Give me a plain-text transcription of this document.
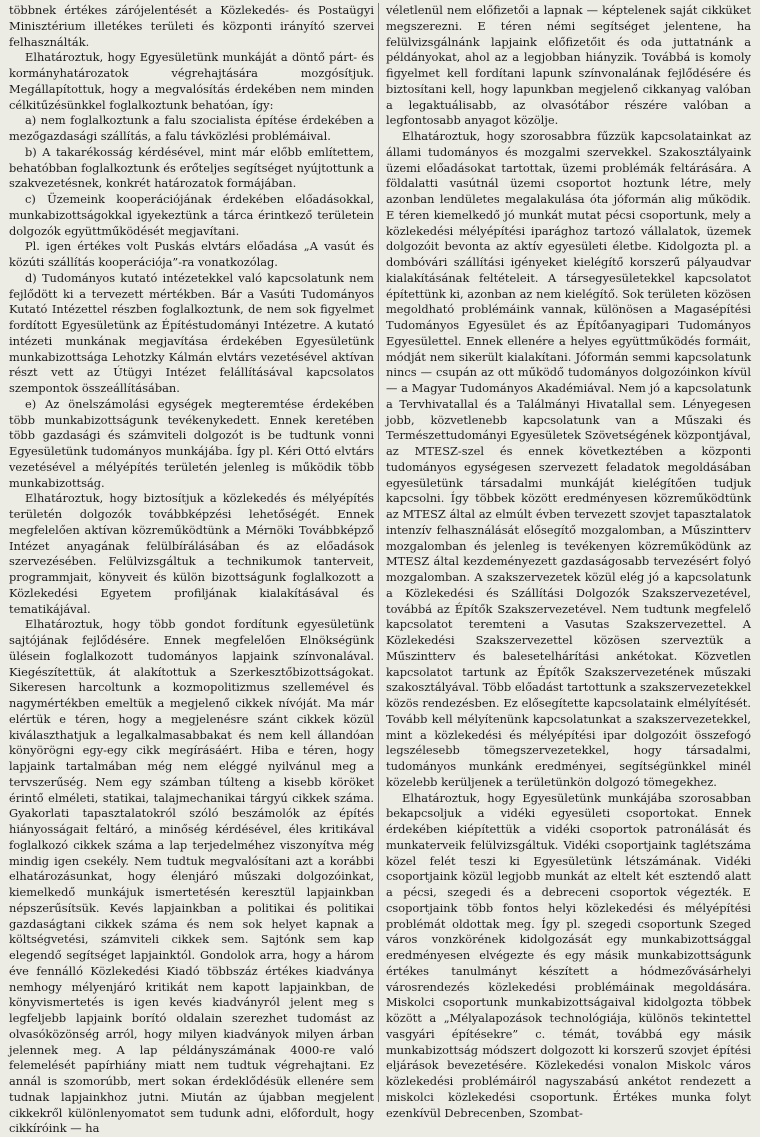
többnek értékes zárójelentését a Közlekedés- és Postaügyi Minisztérium illetékes területi és központi irányító szervei felhasználták.

Elhatároztuk, hogy Egyesületünk munkáját a döntő párt- és kormányhatározatok végrehajtására mozgósítjuk. Megállapítottuk, hogy a megvalósítás érdekében nem minden célkitűzésünkkel foglalkoztunk behatóan, így:

a) nem foglalkoztunk a falu szocialista építése érdekében a mezőgazdasági szállítás, a falu távközlési problémáival.

b) A takarékosság kérdésével, mint már előbb említettem, behatóbban foglalkoztunk és erőteljes segítséget nyújtottunk a szakvezetésnek, konkrét határozatok formájában.

c) Üzemeink kooperációjának érdekében előadásokkal, munkabizottságokkal igyekeztünk a tárca érintkező területein dolgozók együttműködését megjavítani.

Pl. igen értékes volt Puskás elvtárs előadása „A vasút és közúti szállítás kooperációja”-ra vonatkozólag.

d) Tudományos kutató intézetekkel való kapcsolatunk nem fejlődött ki a tervezett mértékben. Bár a Vasúti Tudományos Kutató Intézettel részben foglalkoztunk, de nem sok figyelmet fordított Egyesületünk az Építéstudományi Intézetre. A kutató intézeti munkának megjavítása érdekében Egyesületünk munkabizottsága Lehotzky Kálmán elvtárs vezetésével aktívan részt vett az Útügyi Intézet felállításával kapcsolatos szempontok összeállításában.

e) Az önelszámolási egységek megteremtése érdekében több munkabizottságunk tevékenykedett. Ennek keretében több gazdasági és számviteli dolgozót is be tudtunk vonni Egyesületünk tudományos munkájába. Így pl. Kéri Ottó elvtárs vezetésével a mélyépítés területén jelenleg is működik több munkabizottság.

Elhatároztuk, hogy biztosítjuk a közlekedés és mélyépítés területén dolgozók továbbképzési lehetőségét. Ennek megfelelően aktívan közreműködtünk a Mérnöki Továbbképző Intézet anyagának felülbírálásában és az előadások szervezésében. Felülvizsgáltuk a technikumok tanterveit, programmjait, könyveit és külön bizottságunk foglalkozott a Közlekedési Egyetem profiljának kialakításával és tematikájával.

Elhatároztuk, hogy több gondot fordítunk egyesületünk sajtójának fejlődésére. Ennek megfelelően Elnökségünk ülésein foglalkozott tudományos lapjaink színvonalával. Kiegészítettük, át alakítottuk a Szerkesztőbizottságokat. Sikeresen harcoltunk a kozmopolitizmus szellemével és nagymértékben emeltük a megjelenő cikkek nívóját. Ma már elértük e téren, hogy a megjelenésre szánt cikkek közül kiválaszthatjuk a legalkalmasabbakat és nem kell állandóan könyörögni egy-egy cikk megírásáért. Hiba e téren, hogy lapjaink tartalmában még nem eléggé nyilvánul meg a tervszerűség. Nem egy számban túlteng a kisebb köröket érintő elméleti, statikai, talajmechanikai tárgyú cikkek száma. Gyakorlati tapasztalatokról szóló beszámolók az építés hiányosságait feltáró, a minőség kérdésével, éles kritikával foglalkozó cikkek száma a lap terjedelméhez viszonyítva még mindig igen csekély. Nem tudtuk megvalósítani azt a korábbi elhatározásunkat, hogy élenjáró műszaki dolgozóinkat, kiemelkedő munkájuk ismertetésén keresztül lapjainkban népszerűsítsük. Kevés lapjainkban a politikai és politikai gazdaságtani cikkek száma és nem sok helyet kapnak a költségvetési, számviteli cikkek sem. Sajtónk sem kap elegendő segítséget lapjainktól. Gondolok arra, hogy a három éve fennálló Közlekedési Kiadó többszáz értékes kiadványa nemhogy mélyenjáró kritikát nem kapott lapjainkban, de könyvismertetés is igen kevés kiadványról jelent meg s legfeljebb lapjaink borító oldalain szerezhet tudomást az olvasóközönség arról, hogy milyen kiadványok milyen árban jelennek meg. A lap példányszámának 4000-re való felemelését papírhiány miatt nem tudtuk végrehajtani. Ez annál is szomorúbb, mert sokan érdeklődésük ellenére sem tudnak lapjainkhoz jutni. Miután az újabban megjelent cikkekről különlenyomatot sem tudunk adni, előfordult, hogy cikkíróink — ha

véletlenül nem előfizetői a lapnak — képtelenek saját cikküket megszerezni. E téren némi segítséget jelentene, ha felülvizsgálnánk lapjaink előfizetőit és oda juttatnánk a példányokat, ahol az a legjobban hiányzik. Továbbá is komoly figyelmet kell fordítani lapunk színvonalának fejlődésére és biztosítani kell, hogy lapunkban megjelenő cikkanyag valóban a legaktuálisabb, az olvasótábor részére valóban a legfontosabb anyagot közölje.

Elhatároztuk, hogy szorosabbra fűzzük kapcsolatainkat az állami tudományos és mozgalmi szervekkel. Szakosztályaink üzemi előadásokat tartottak, üzemi problémák feltárására. A földalatti vasútnál üzemi csoportot hoztunk létre, mely azonban lendületes megalakulása óta jóformán alig működik. E téren kiemelkedő jó munkát mutat pécsi csoportunk, mely a közlekedési mélyépítési iparághoz tartozó vállalatok, üzemek dolgozóit bevonta az aktív egyesületi életbe. Kidolgozta pl. a dombóvári szállítási igényeket kielégítő korszerű pályaudvar kialakításának feltételeit. A társegyesületekkel kapcsolatot építettünk ki, azonban az nem kielégítő. Sok területen közösen megoldható problémáink vannak, különösen a Magasépítési Tudományos Egyesület és az Építőanyagipari Tudományos Egyesülettel. Ennek ellenére a helyes együttműködés formáit, módját nem sikerült kialakítani. Jóformán semmi kapcsolatunk nincs — csupán az ott működő tudományos dolgozóinkon kívül — a Magyar Tudományos Akadémiával. Nem jó a kapcsolatunk a Tervhivatallal és a Találmányi Hivatallal sem. Lényegesen jobb, közvetlenebb kapcsolatunk van a Műszaki és Természettudományi Egyesületek Szövetségének központjával, az MTESZ-szel és ennek következtében a központi tudományos egységesen szervezett feladatok megoldásában egyesületünk társadalmi munkáját kielégítően tudjuk kapcsolni. Így többek között eredményesen közreműködtünk az MTESZ által az elmúlt évben tervezett szovjet tapasztalatok intenzív felhasználását elősegítő mozgalomban, a Műszintterv mozgalomban és jelenleg is tevékenyen közreműködünk az MTESZ által kezdeményezett gazdaságosabb tervezésért folyó mozgalomban. A szakszervezetek közül elég jó a kapcsolatunk a Közlekedési és Szállítási Dolgozók Szakszervezetével, továbbá az Építők Szakszervezetével. Nem tudtunk megfelelő kapcsolatot teremteni a Vasutas Szakszervezettel. A Közlekedési Szakszervezettel közösen szerveztük a Műszintterv és balesetelhárítási ankétokat. Közvetlen kapcsolatot tartunk az Építők Szakszervezetének műszaki szakosztályával. Több előadást tartottunk a szakszervezetekkel közös rendezésben. Ez elősegítette kapcsolataink elmélyítését. Tovább kell mélyítenünk kapcsolatunkat a szakszervezetekkel, mint a közlekedési és mélyépítési ipar dolgozóit összefogó legszélesebb tömegszervezetekkel, hogy társadalmi, tudományos munkánk eredményei, segítségünkkel minél közelebb kerüljenek a területünkön dolgozó tömegekhez.

Elhatároztuk, hogy Egyesületünk munkájába szorosabban bekapcsoljuk a vidéki egyesületi csoportokat. Ennek érdekében kiépítettük a vidéki csoportok patronálását és munkaterveik felülvizsgáltuk. Vidéki csoportjaink taglétszáma közel felét teszi ki Egyesületünk létszámának. Vidéki csoportjaink közül legjobb munkát az eltelt két esztendő alatt a pécsi, szegedi és a debreceni csoportok végezték. E csoportjaink több fontos helyi közlekedési és mélyépítési problémát oldottak meg. Így pl. szegedi csoportunk Szeged város vonzkörének kidolgozását egy munkabizottsággal eredményesen elvégezte és egy másik munkabizottságunk értékes tanulmányt készített a hódmezővásárhelyi városrendezés közlekedési problémáinak megoldására. Miskolci csoportunk munkabizottságaival kidolgozta többek között a „Mélyalapozások technológiája, különös tekintettel vasgyári építésekre” c. témát, továbbá egy másik munkabizottság módszert dolgozott ki korszerű szovjet építési eljárások bevezetésére. Közlekedési vonalon Miskolc város közlekedési problémáiról nagyszabású ankétot rendezett a miskolci közlekedési csoportunk. Értékes munka folyt ezenkívül Debrecenben, Szombat-
